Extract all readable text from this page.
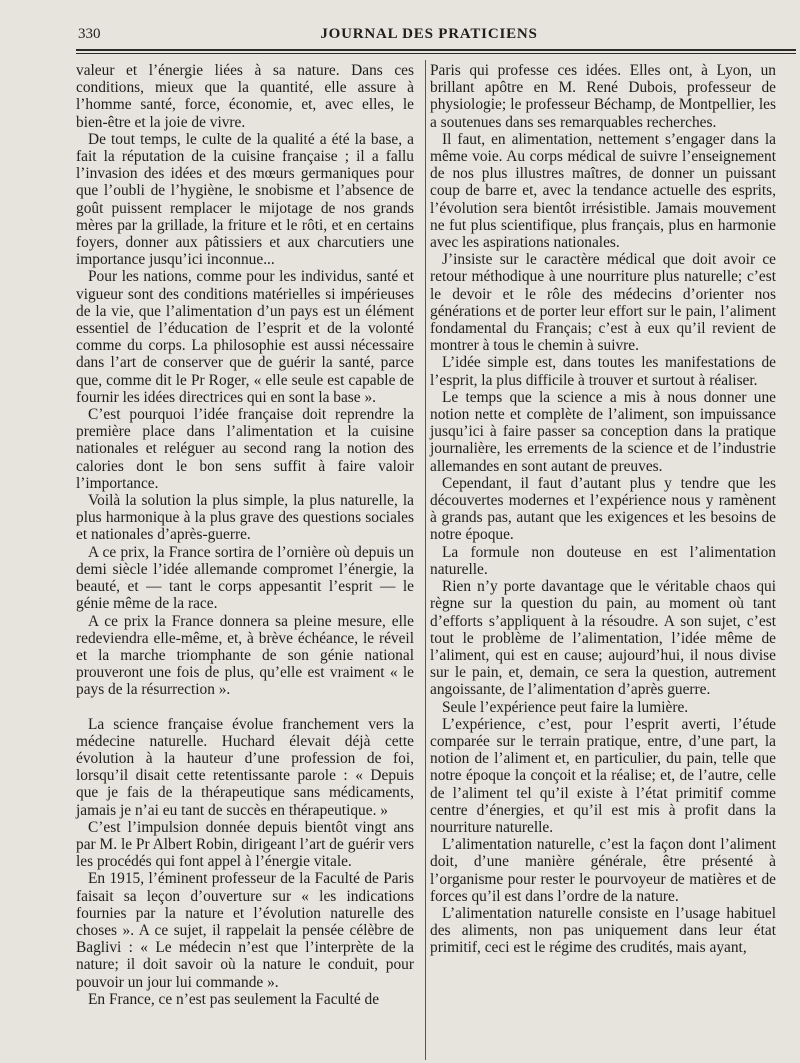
330	JOURNAL DES PRATICIENS

valeur et l’énergie liées à sa nature. Dans ces conditions, mieux que la quantité, elle assure à l’homme santé, force, économie, et, avec elles, le bien-être et la joie de vivre.

De tout temps, le culte de la qualité a été la base, a fait la réputation de la cuisine française ; il a fallu l’invasion des idées et des mœurs germaniques pour que l’oubli de l’hygiène, le snobisme et l’absence de goût puissent remplacer le mijotage de nos grands mères par la grillade, la friture et le rôti, et en certains foyers, donner aux pâtissiers et aux charcutiers une importance jusqu’ici inconnue...

Pour les nations, comme pour les individus, santé et vigueur sont des conditions matérielles si impérieuses de la vie, que l’alimentation d’un pays est un élément essentiel de l’éducation de l’esprit et de la volonté comme du corps. La philosophie est aussi nécessaire dans l’art de conserver que de guérir la santé, parce que, comme dit le Pr Roger, « elle seule est capable de fournir les idées directrices qui en sont la base ».

C’est pourquoi l’idée française doit reprendre la première place dans l’alimentation et la cuisine nationales et reléguer au second rang la notion des calories dont le bon sens suffit à faire valoir l’importance.

Voilà la solution la plus simple, la plus naturelle, la plus harmonique à la plus grave des questions sociales et nationales d’après-guerre.

A ce prix, la France sortira de l’ornière où depuis un demi siècle l’idée allemande compromet l’énergie, la beauté, et — tant le corps appesantit l’esprit — le génie même de la race.

A ce prix la France donnera sa pleine mesure, elle redeviendra elle-même, et, à brève échéance, le réveil et la marche triomphante de son génie national prouveront une fois de plus, qu’elle est vraiment « le pays de la résurrection ».

La science française évolue franchement vers la médecine naturelle. Huchard élevait déjà cette évolution à la hauteur d’une profession de foi, lorsqu’il disait cette retentissante parole : « Depuis que je fais de la thérapeutique sans médicaments, jamais je n’ai eu tant de succès en thérapeutique. »

C’est l’impulsion donnée depuis bientôt vingt ans par M. le Pr Albert Robin, dirigeant l’art de guérir vers les procédés qui font appel à l’énergie vitale.

En 1915, l’éminent professeur de la Faculté de Paris faisait sa leçon d’ouverture sur « les indications fournies par la nature et l’évolution naturelle des choses ». A ce sujet, il rappelait la pensée célèbre de Baglivi : « Le médecin n’est que l’interprète de la nature; il doit savoir où la nature le conduit, pour pouvoir un jour lui commande ».

En France, ce n’est pas seulement la Faculté de

Paris qui professe ces idées. Elles ont, à Lyon, un brillant apôtre en M. René Dubois, professeur de physiologie; le professeur Béchamp, de Montpellier, les a soutenues dans ses remarquables recherches.

Il faut, en alimentation, nettement s’engager dans la même voie. Au corps médical de suivre l’enseignement de nos plus illustres maîtres, de donner un puissant coup de barre et, avec la tendance actuelle des esprits, l’évolution sera bientôt irrésistible. Jamais mouvement ne fut plus scientifique, plus français, plus en harmonie avec les aspirations nationales.

J’insiste sur le caractère médical que doit avoir ce retour méthodique à une nourriture plus naturelle; c’est le devoir et le rôle des médecins d’orienter nos générations et de porter leur effort sur le pain, l’aliment fondamental du Français; c’est à eux qu’il revient de montrer à tous le chemin à suivre.

L’idée simple est, dans toutes les manifestations de l’esprit, la plus difficile à trouver et surtout à réaliser.

Le temps que la science a mis à nous donner une notion nette et complète de l’aliment, son impuissance jusqu’ici à faire passer sa conception dans la pratique journalière, les errements de la science et de l’industrie allemandes en sont autant de preuves.

Cependant, il faut d’autant plus y tendre que les découvertes modernes et l’expérience nous y ramènent à grands pas, autant que les exigences et les besoins de notre époque.

La formule non douteuse en est l’alimentation naturelle.

Rien n’y porte davantage que le véritable chaos qui règne sur la question du pain, au moment où tant d’efforts s’appliquent à la résoudre. A son sujet, c’est tout le problème de l’alimentation, l’idée même de l’aliment, qui est en cause; aujourd’hui, il nous divise sur le pain, et, demain, ce sera la question, autrement angoissante, de l’alimentation d’après guerre.

Seule l’expérience peut faire la lumière.

L’expérience, c’est, pour l’esprit averti, l’étude comparée sur le terrain pratique, entre, d’une part, la notion de l’aliment et, en particulier, du pain, telle que notre époque la conçoit et la réalise; et, de l’autre, celle de l’aliment tel qu’il existe à l’état primitif comme centre d’énergies, et qu’il est mis à profit dans la nourriture naturelle.

L’alimentation naturelle, c’est la façon dont l’aliment doit, d’une manière générale, être présenté à l’organisme pour rester le pourvoyeur de matières et de forces qu’il est dans l’ordre de la nature.

L’alimentation naturelle consiste en l’usage habituel des aliments, non pas uniquement dans leur état primitif, ceci est le régime des crudités, mais ayant,
